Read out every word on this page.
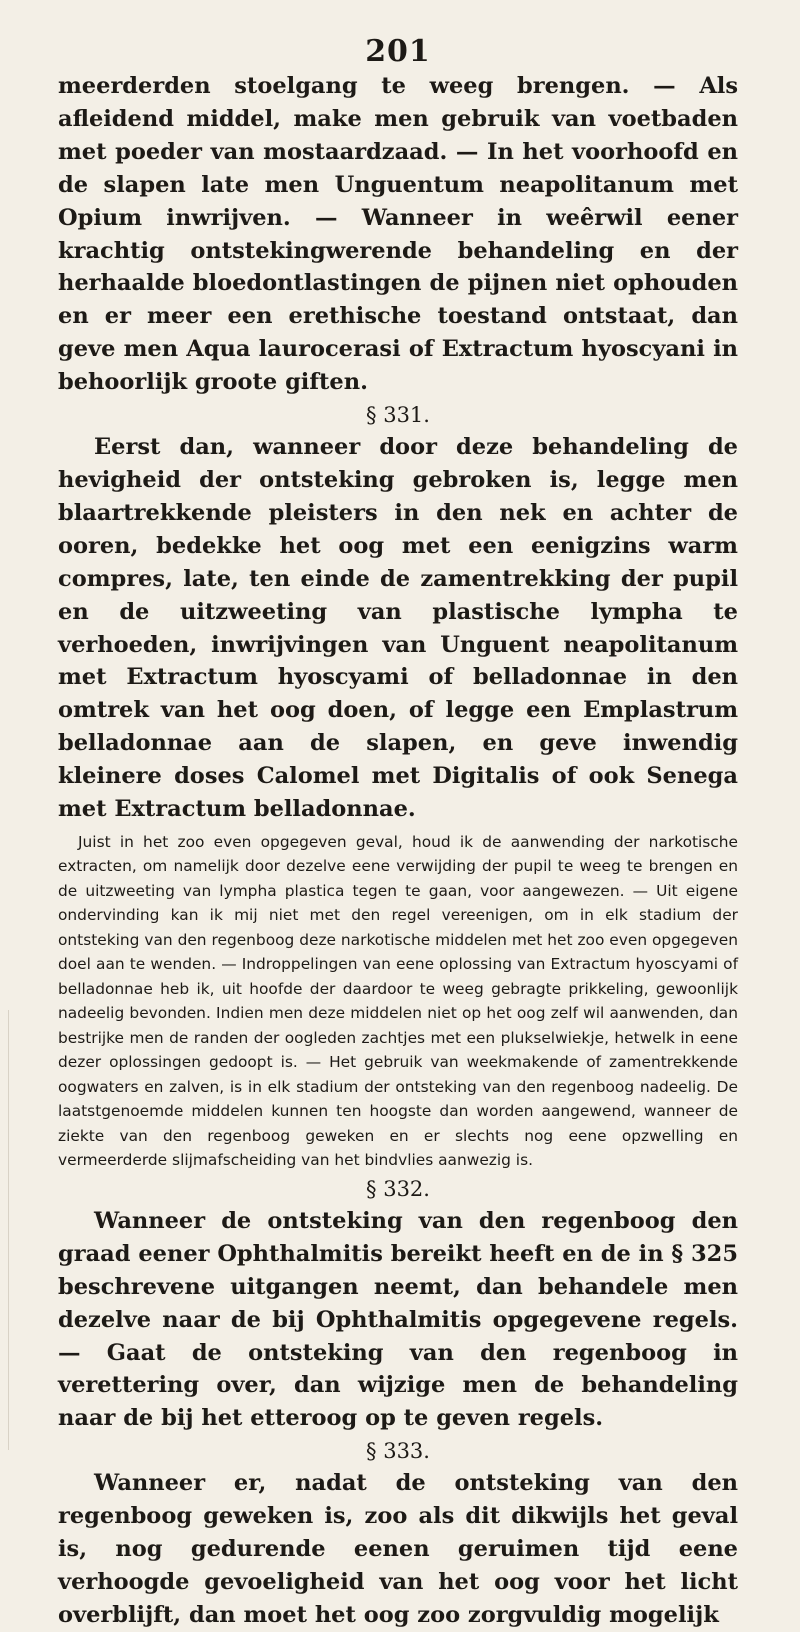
201

meerderden stoelgang te weeg brengen. — Als afleidend middel, make men gebruik van voetbaden met poeder van mostaardzaad. — In het voorhoofd en de slapen late men Unguentum neapolitanum met Opium inwrijven. — Wanneer in weêrwil eener krachtig ontstekingwerende behandeling en der herhaalde bloedontlastingen de pijnen niet ophouden en er meer een erethische toestand ontstaat, dan geve men Aqua laurocerasi of Extractum hyoscyani in behoorlijk groote giften.

§ 331.

Eerst dan, wanneer door deze behandeling de hevigheid der ontsteking gebroken is, legge men blaartrekkende pleisters in den nek en achter de ooren, bedekke het oog met een eenigzins warm compres, late, ten einde de zamentrekking der pupil en de uitzweeting van plastische lympha te verhoeden, inwrijvingen van Unguent neapolitanum met Extractum hyoscyami of belladonnae in den omtrek van het oog doen, of legge een Emplastrum belladonnae aan de slapen, en geve inwendig kleinere doses Calomel met Digitalis of ook Senega met Extractum belladonnae.

Juist in het zoo even opgegeven geval, houd ik de aanwending der narkotische extracten, om namelijk door dezelve eene verwijding der pupil te weeg te brengen en de uitzweeting van lympha plastica tegen te gaan, voor aangewezen. — Uit eigene ondervinding kan ik mij niet met den regel vereenigen, om in elk stadium der ontsteking van den regenboog deze narkotische middelen met het zoo even opgegeven doel aan te wenden. — Indroppelingen van eene oplossing van Extractum hyoscyami of belladonnae heb ik, uit hoofde der daardoor te weeg gebragte prikkeling, gewoonlijk nadeelig bevonden. Indien men deze middelen niet op het oog zelf wil aanwenden, dan bestrijke men de randen der oogleden zachtjes met een plukselwiekje, hetwelk in eene dezer oplossingen gedoopt is. — Het gebruik van weekmakende of zamentrekkende oogwaters en zalven, is in elk stadium der ontsteking van den regenboog nadeelig. De laatstgenoemde middelen kunnen ten hoogste dan worden aangewend, wanneer de ziekte van den regenboog geweken en er slechts nog eene opzwelling en vermeerderde slijmafscheiding van het bindvlies aanwezig is.

§ 332.

Wanneer de ontsteking van den regenboog den graad eener Ophthalmitis bereikt heeft en de in § 325 beschrevene uitgangen neemt, dan behandele men dezelve naar de bij Ophthalmitis opgegevene regels. — Gaat de ontsteking van den regenboog in verettering over, dan wijzige men de behandeling naar de bij het etteroog op te geven regels.

§ 333.

Wanneer er, nadat de ontsteking van den regenboog geweken is, zoo als dit dikwijls het geval is, nog gedurende eenen geruimen tijd eene verhoogde gevoeligheid van het oog voor het licht overblijft, dan moet het oog zoo zorgvuldig mogelijk
